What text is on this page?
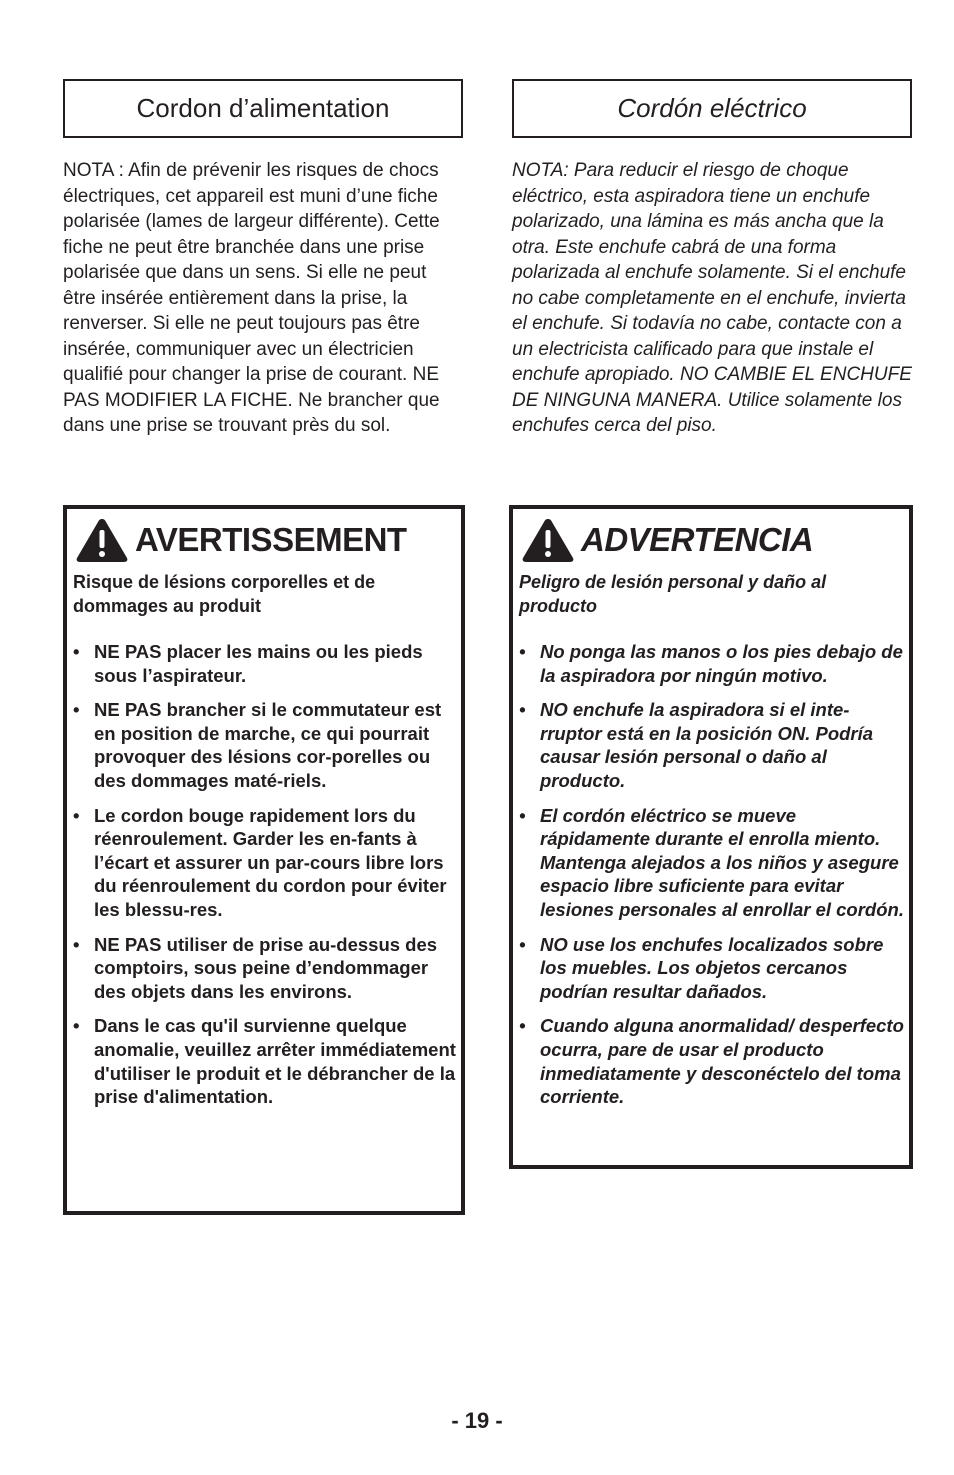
Cordon d’alimentation
NOTA : Afin de prévenir les risques de chocs électriques, cet appareil est muni d’une fiche polarisée (lames de largeur différente). Cette fiche ne peut être branchée dans une prise polarisée que dans un sens. Si elle ne peut être insérée entièrement dans la prise, la renverser. Si elle ne peut toujours pas être insérée, communiquer avec un électricien qualifié pour changer la prise de courant. NE PAS MODIFIER LA FICHE. Ne brancher que dans une prise se trouvant près du sol.
Cordón eléctrico
NOTA: Para reducir el riesgo de choque eléctrico, esta aspiradora tiene un enchufe polarizado, una lámina es más ancha que la otra. Este enchufe cabrá de una forma polarizada al enchufe solamente. Si el enchufe no cabe completamente en el enchufe, invierta el enchufe. Si todavía no cabe, contacte con a un electricista calificado para que instale el enchufe apropiado. NO CAMBIE EL ENCHUFE DE NINGUNA MANERA. Utilice solamente los enchufes cerca del piso.
AVERTISSEMENT
Risque de lésions corporelles et de dommages au produit
• NE PAS placer les mains ou les pieds sous l’aspirateur.
• NE PAS brancher si le commutateur est en position de marche, ce qui pourrait provoquer des lésions cor-porelles ou des dommages maté-riels.
• Le cordon bouge rapidement lors du réenroulement. Garder les en-fants à l’écart et assurer un par-cours libre lors du réenroulement du cordon pour éviter les blessu-res.
• NE PAS utiliser de prise au-dessus des comptoirs, sous peine d’endommager des objets dans les environs.
• Dans le cas qu'il survienne quelque anomalie, veuillez arrêter immédiatement d'utiliser le produit et le débrancher de la prise d'alimentation.
ADVERTENCIA
Peligro de lesión personal y daño al producto
• No ponga las manos o los pies debajo de la aspiradora por ningún motivo.
• NO enchufe la aspiradora si el inte-rruptor está en la posición ON. Podría causar lesión personal o daño al producto.
• El cordón eléctrico se mueve rápidamente durante el enrolla miento. Mantenga alejados a los niños y asegure espacio libre suficiente para evitar lesiones personales al enrollar el cordón.
• NO use los enchufes localizados sobre los muebles. Los objetos cercanos podrían resultar dañados.
• Cuando alguna anormalidad/ desperfecto ocurra, pare de usar el producto inmediatamente y desconéctelo del toma corriente.
- 19 -
